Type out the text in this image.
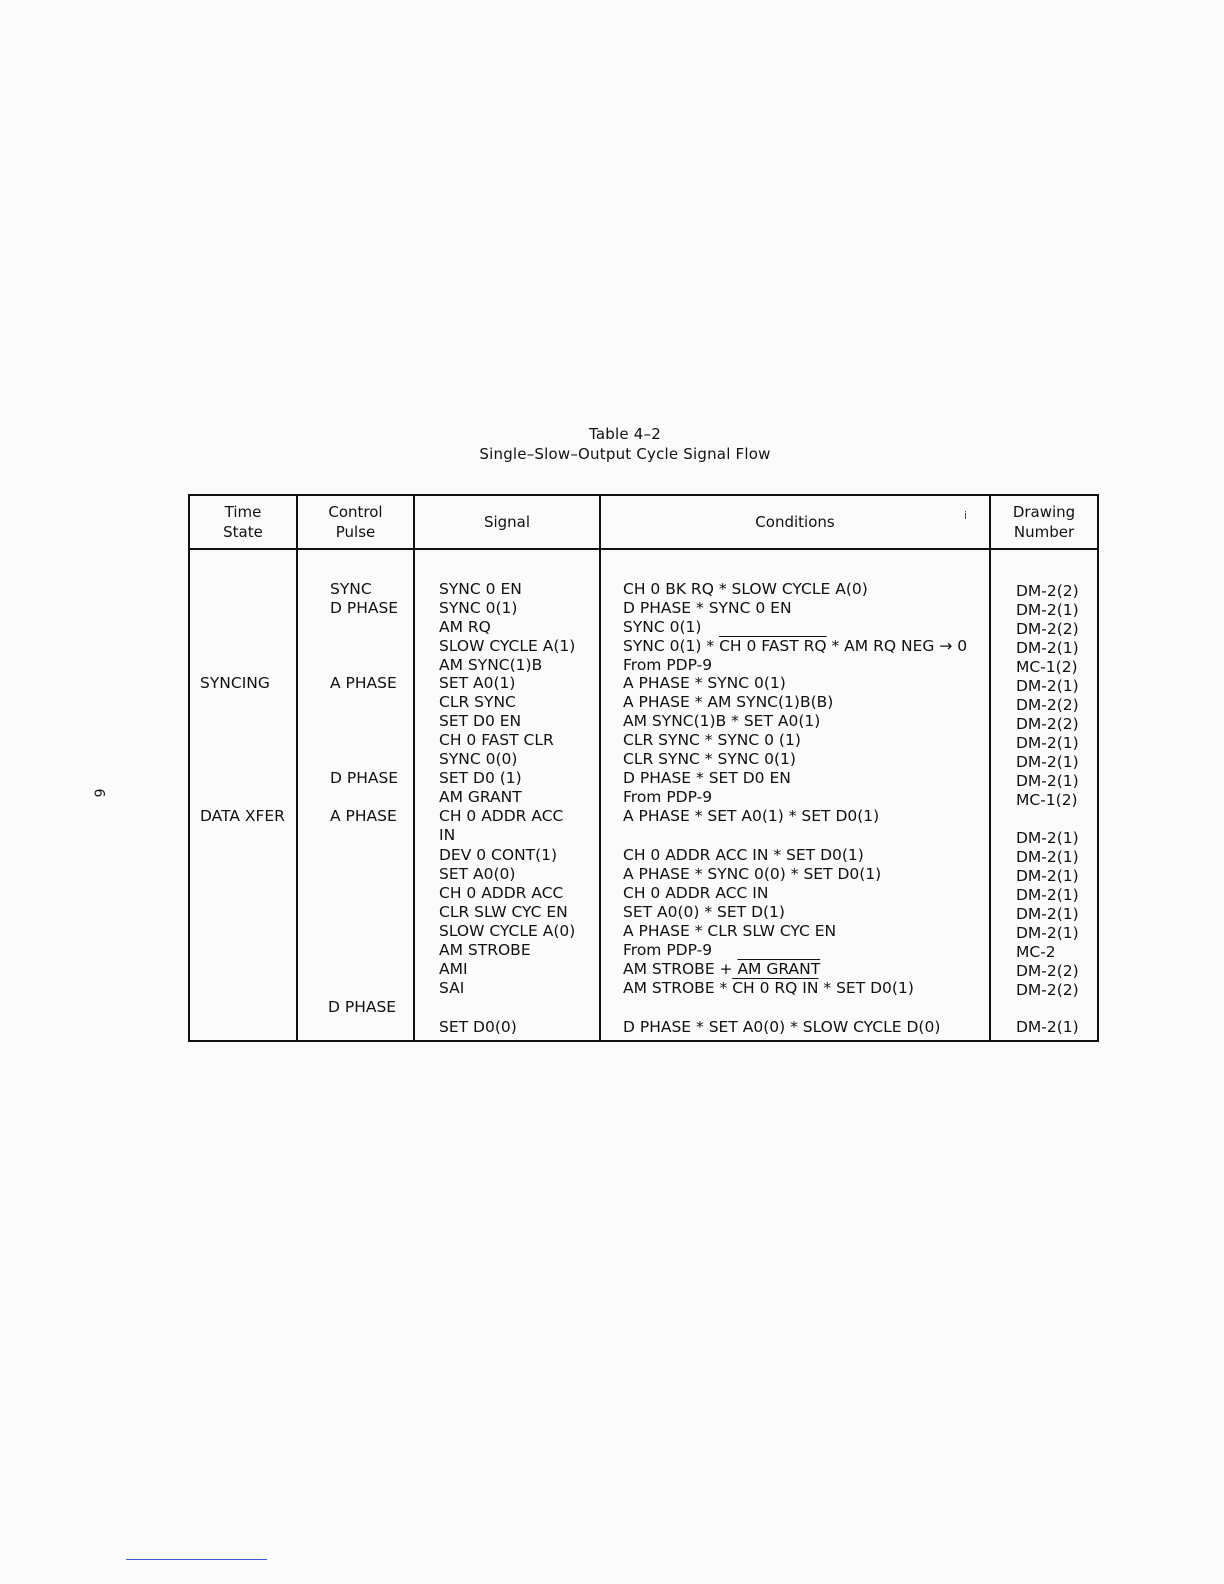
Table 4–2
Single–Slow–Output Cycle Signal Flow
6
Time
State
Control
Pulse
Signal	Conditions
Drawing
Number
SYNCING
DATA XFER
SYNC
D PHASE
A PHASE
D PHASE
A PHASE
D PHASE
SYNC 0 EN
SYNC 0(1)
AM RQ
SLOW CYCLE A(1)
AM SYNC(1)B
SET A0(1)
CLR SYNC
SET D0 EN
CH 0 FAST CLR
SYNC 0(0)
SET D0 (1)
AM GRANT
CH 0 ADDR ACC
IN
DEV 0 CONT(1)
SET A0(0)
CH 0 ADDR ACC
CLR SLW CYC EN
SLOW CYCLE A(0)
AM STROBE
AMI
SAI
SET D0(0)
CH 0 BK RQ * SLOW CYCLE A(0)
D PHASE * SYNC 0 EN
SYNC 0(1)
SYNC 0(1) * CH 0 FAST RQ * AM RQ NEG → 0
From PDP-9
A PHASE * SYNC 0(1)
A PHASE * AM SYNC(1)B(B)
AM SYNC(1)B * SET A0(1)
CLR SYNC * SYNC 0 (1)
CLR SYNC * SYNC 0(1)
D PHASE * SET D0 EN
From PDP-9
A PHASE * SET A0(1) * SET D0(1)
CH 0 ADDR ACC IN * SET D0(1)
A PHASE * SYNC 0(0) * SET D0(1)
CH 0 ADDR ACC IN
SET A0(0) * SET D(1)
A PHASE * CLR SLW CYC EN
From PDP-9
AM STROBE + AM GRANT
AM STROBE * CH 0 RQ IN * SET D0(1)
D PHASE * SET A0(0) * SLOW CYCLE D(0)
DM-2(2)
DM-2(1)
DM-2(2)
DM-2(1)
MC-1(2)
DM-2(1)
DM-2(2)
DM-2(2)
DM-2(1)
DM-2(1)
DM-2(1)
MC-1(2)
DM-2(1)
DM-2(1)
DM-2(1)
DM-2(1)
DM-2(1)
DM-2(1)
MC-2
DM-2(2)
DM-2(2)
DM-2(1)
i
